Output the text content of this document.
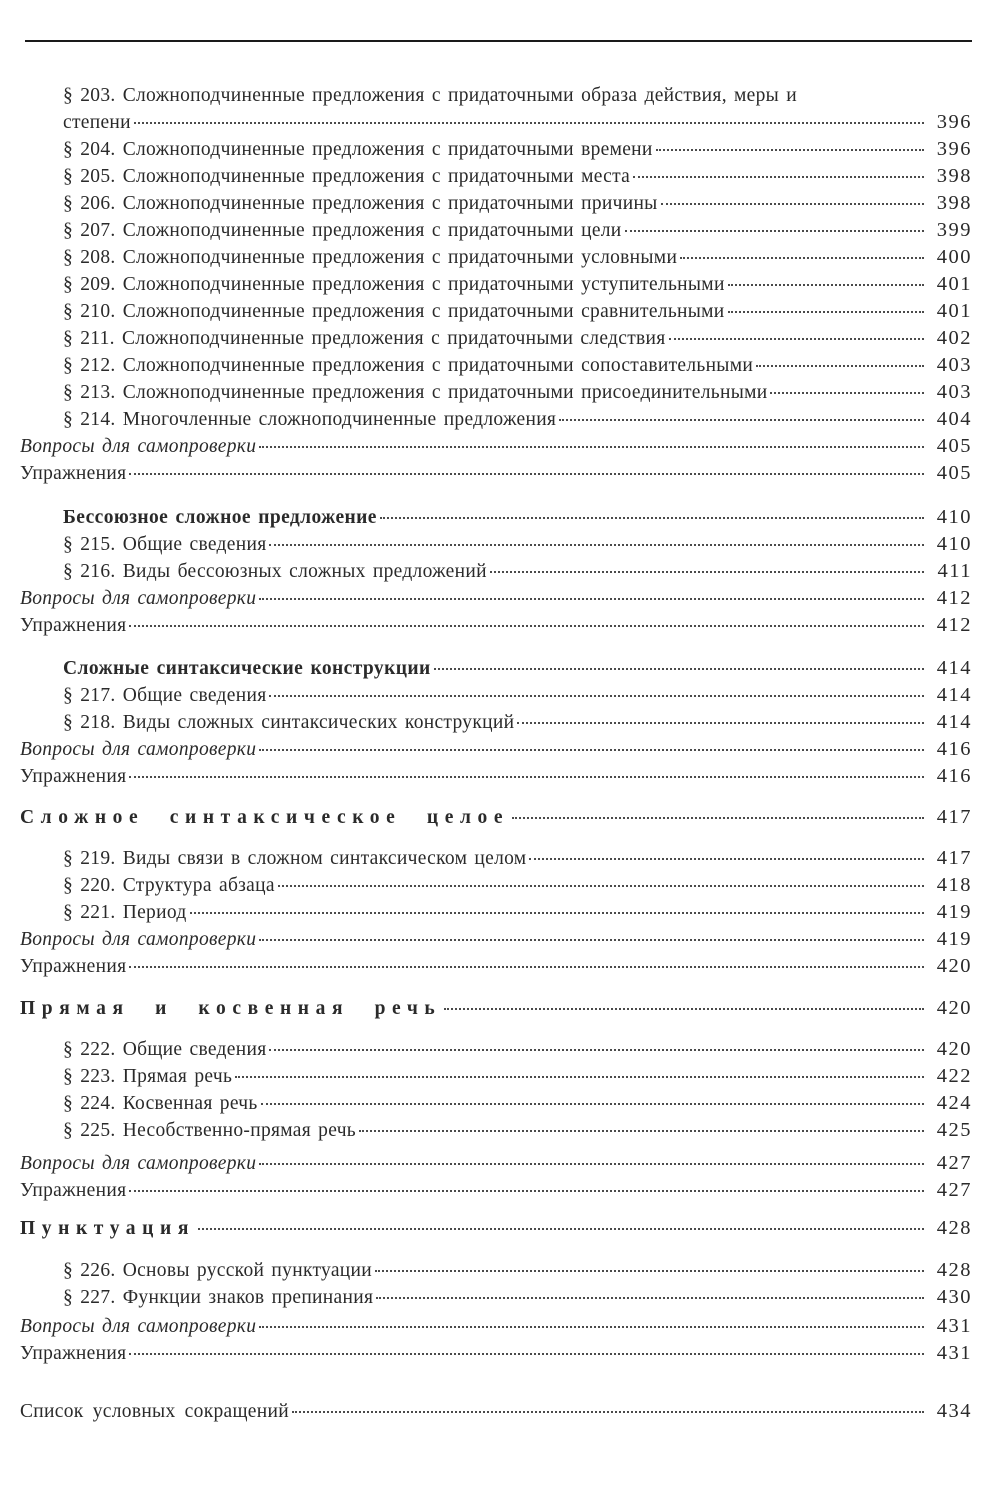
§ 203. Сложноподчиненные предложения с придаточными образа действия, меры и
степени	396
§ 204. Сложноподчиненные предложения с придаточными времени	396
§ 205. Сложноподчиненные предложения с придаточными места	398
§ 206. Сложноподчиненные предложения с придаточными причины	398
§ 207. Сложноподчиненные предложения с придаточными цели	399
§ 208. Сложноподчиненные предложения с придаточными условными	400
§ 209. Сложноподчиненные предложения с придаточными уступительными	401
§ 210. Сложноподчиненные предложения с придаточными сравнительными	401
§ 211. Сложноподчиненные предложения с придаточными следствия	402
§ 212. Сложноподчиненные предложения с придаточными сопоставительными	403
§ 213. Сложноподчиненные предложения с придаточными присоединительными	403
§ 214. Многочленные сложноподчиненные предложения	404
Вопросы для самопроверки	405
Упражнения	405
Бессоюзное сложное предложение	410
§ 215. Общие сведения	410
§ 216. Виды бессоюзных сложных предложений	411
Вопросы для самопроверки	412
Упражнения	412
Сложные синтаксические конструкции	414
§ 217. Общие сведения	414
§ 218. Виды сложных синтаксических конструкций	414
Вопросы для самопроверки	416
Упражнения	416
Сложное синтаксическое целое	417
§ 219. Виды связи в сложном синтаксическом целом	417
§ 220. Структура абзаца	418
§ 221. Период	419
Вопросы для самопроверки	419
Упражнения	420
Прямая и косвенная речь	420
§ 222. Общие сведения	420
§ 223. Прямая речь	422
§ 224. Косвенная речь	424
§ 225. Несобственно-прямая речь	425
Вопросы для самопроверки	427
Упражнения	427
Пунктуация	428
§ 226. Основы русской пунктуации	428
§ 227. Функции знаков препинания	430
Вопросы для самопроверки	431
Упражнения	431
Список условных сокращений	434
